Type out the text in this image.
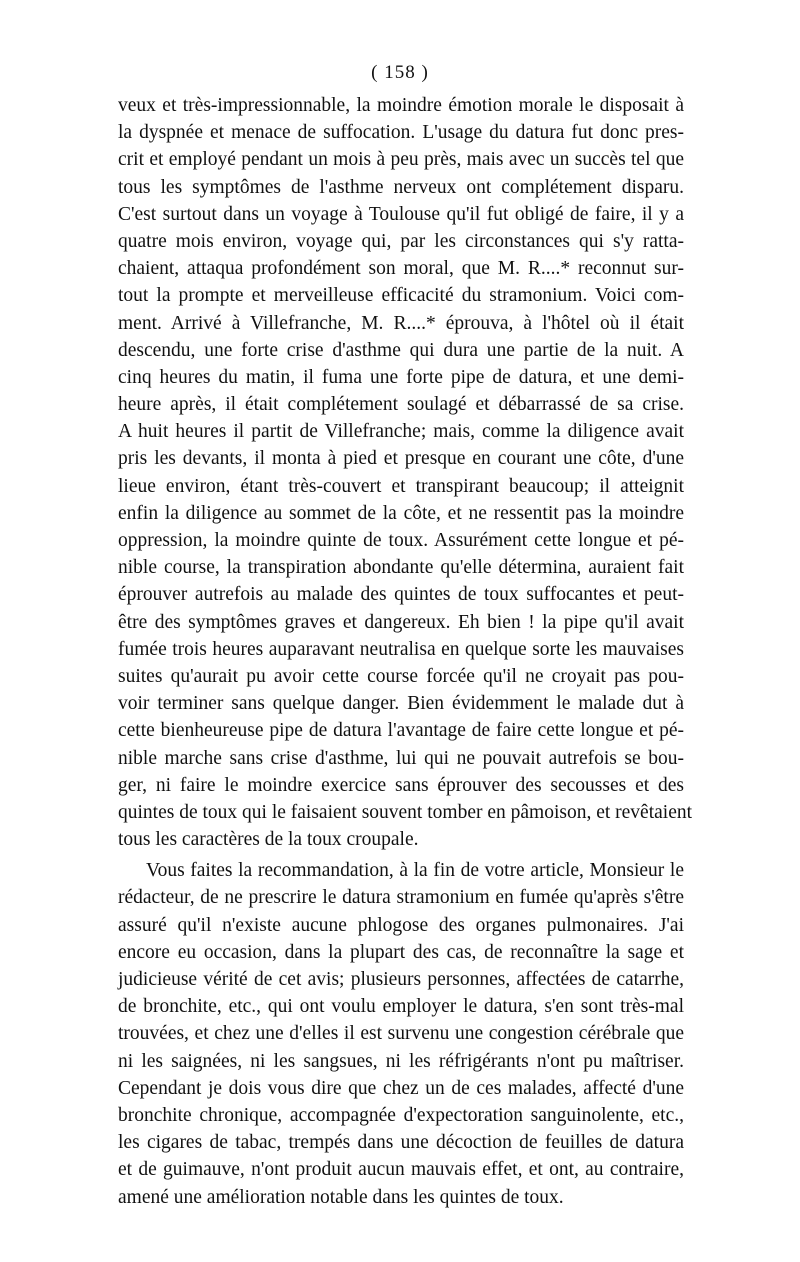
( 158 )
veux et très-impressionnable, la moindre émotion morale le disposait à
la dyspnée et menace de suffocation. L'usage du datura fut donc pres-
crit et employé pendant un mois à peu près, mais avec un succès tel que
tous les symptômes de l'asthme nerveux ont complétement disparu.
C'est surtout dans un voyage à Toulouse qu'il fut obligé de faire, il y a
quatre mois environ, voyage qui, par les circonstances qui s'y ratta-
chaient, attaqua profondément son moral, que M. R....* reconnut sur-
tout la prompte et merveilleuse efficacité du stramonium. Voici com-
ment. Arrivé à Villefranche, M. R....* éprouva, à l'hôtel où il était
descendu, une forte crise d'asthme qui dura une partie de la nuit. A
cinq heures du matin, il fuma une forte pipe de datura, et une demi-
heure après, il était complétement soulagé et débarrassé de sa crise.
A huit heures il partit de Villefranche; mais, comme la diligence avait
pris les devants, il monta à pied et presque en courant une côte, d'une
lieue environ, étant très-couvert et transpirant beaucoup; il atteignit
enfin la diligence au sommet de la côte, et ne ressentit pas la moindre
oppression, la moindre quinte de toux. Assurément cette longue et pé-
nible course, la transpiration abondante qu'elle détermina, auraient fait
éprouver autrefois au malade des quintes de toux suffocantes et peut-
être des symptômes graves et dangereux. Eh bien ! la pipe qu'il avait
fumée trois heures auparavant neutralisa en quelque sorte les mauvaises
suites qu'aurait pu avoir cette course forcée qu'il ne croyait pas pou-
voir terminer sans quelque danger. Bien évidemment le malade dut à
cette bienheureuse pipe de datura l'avantage de faire cette longue et pé-
nible marche sans crise d'asthme, lui qui ne pouvait autrefois se bou-
ger, ni faire le moindre exercice sans éprouver des secousses et des
quintes de toux qui le faisaient souvent tomber en pâmoison, et revêtaient
tous les caractères de la toux croupale.
Vous faites la recommandation, à la fin de votre article, Monsieur le
rédacteur, de ne prescrire le datura stramonium en fumée qu'après s'être
assuré qu'il n'existe aucune phlogose des organes pulmonaires. J'ai
encore eu occasion, dans la plupart des cas, de reconnaître la sage et
judicieuse vérité de cet avis; plusieurs personnes, affectées de catarrhe,
de bronchite, etc., qui ont voulu employer le datura, s'en sont très-mal
trouvées, et chez une d'elles il est survenu une congestion cérébrale que
ni les saignées, ni les sangsues, ni les réfrigérants n'ont pu maîtriser.
Cependant je dois vous dire que chez un de ces malades, affecté d'une
bronchite chronique, accompagnée d'expectoration sanguinolente, etc.,
les cigares de tabac, trempés dans une décoction de feuilles de datura
et de guimauve, n'ont produit aucun mauvais effet, et ont, au contraire,
amené une amélioration notable dans les quintes de toux.
